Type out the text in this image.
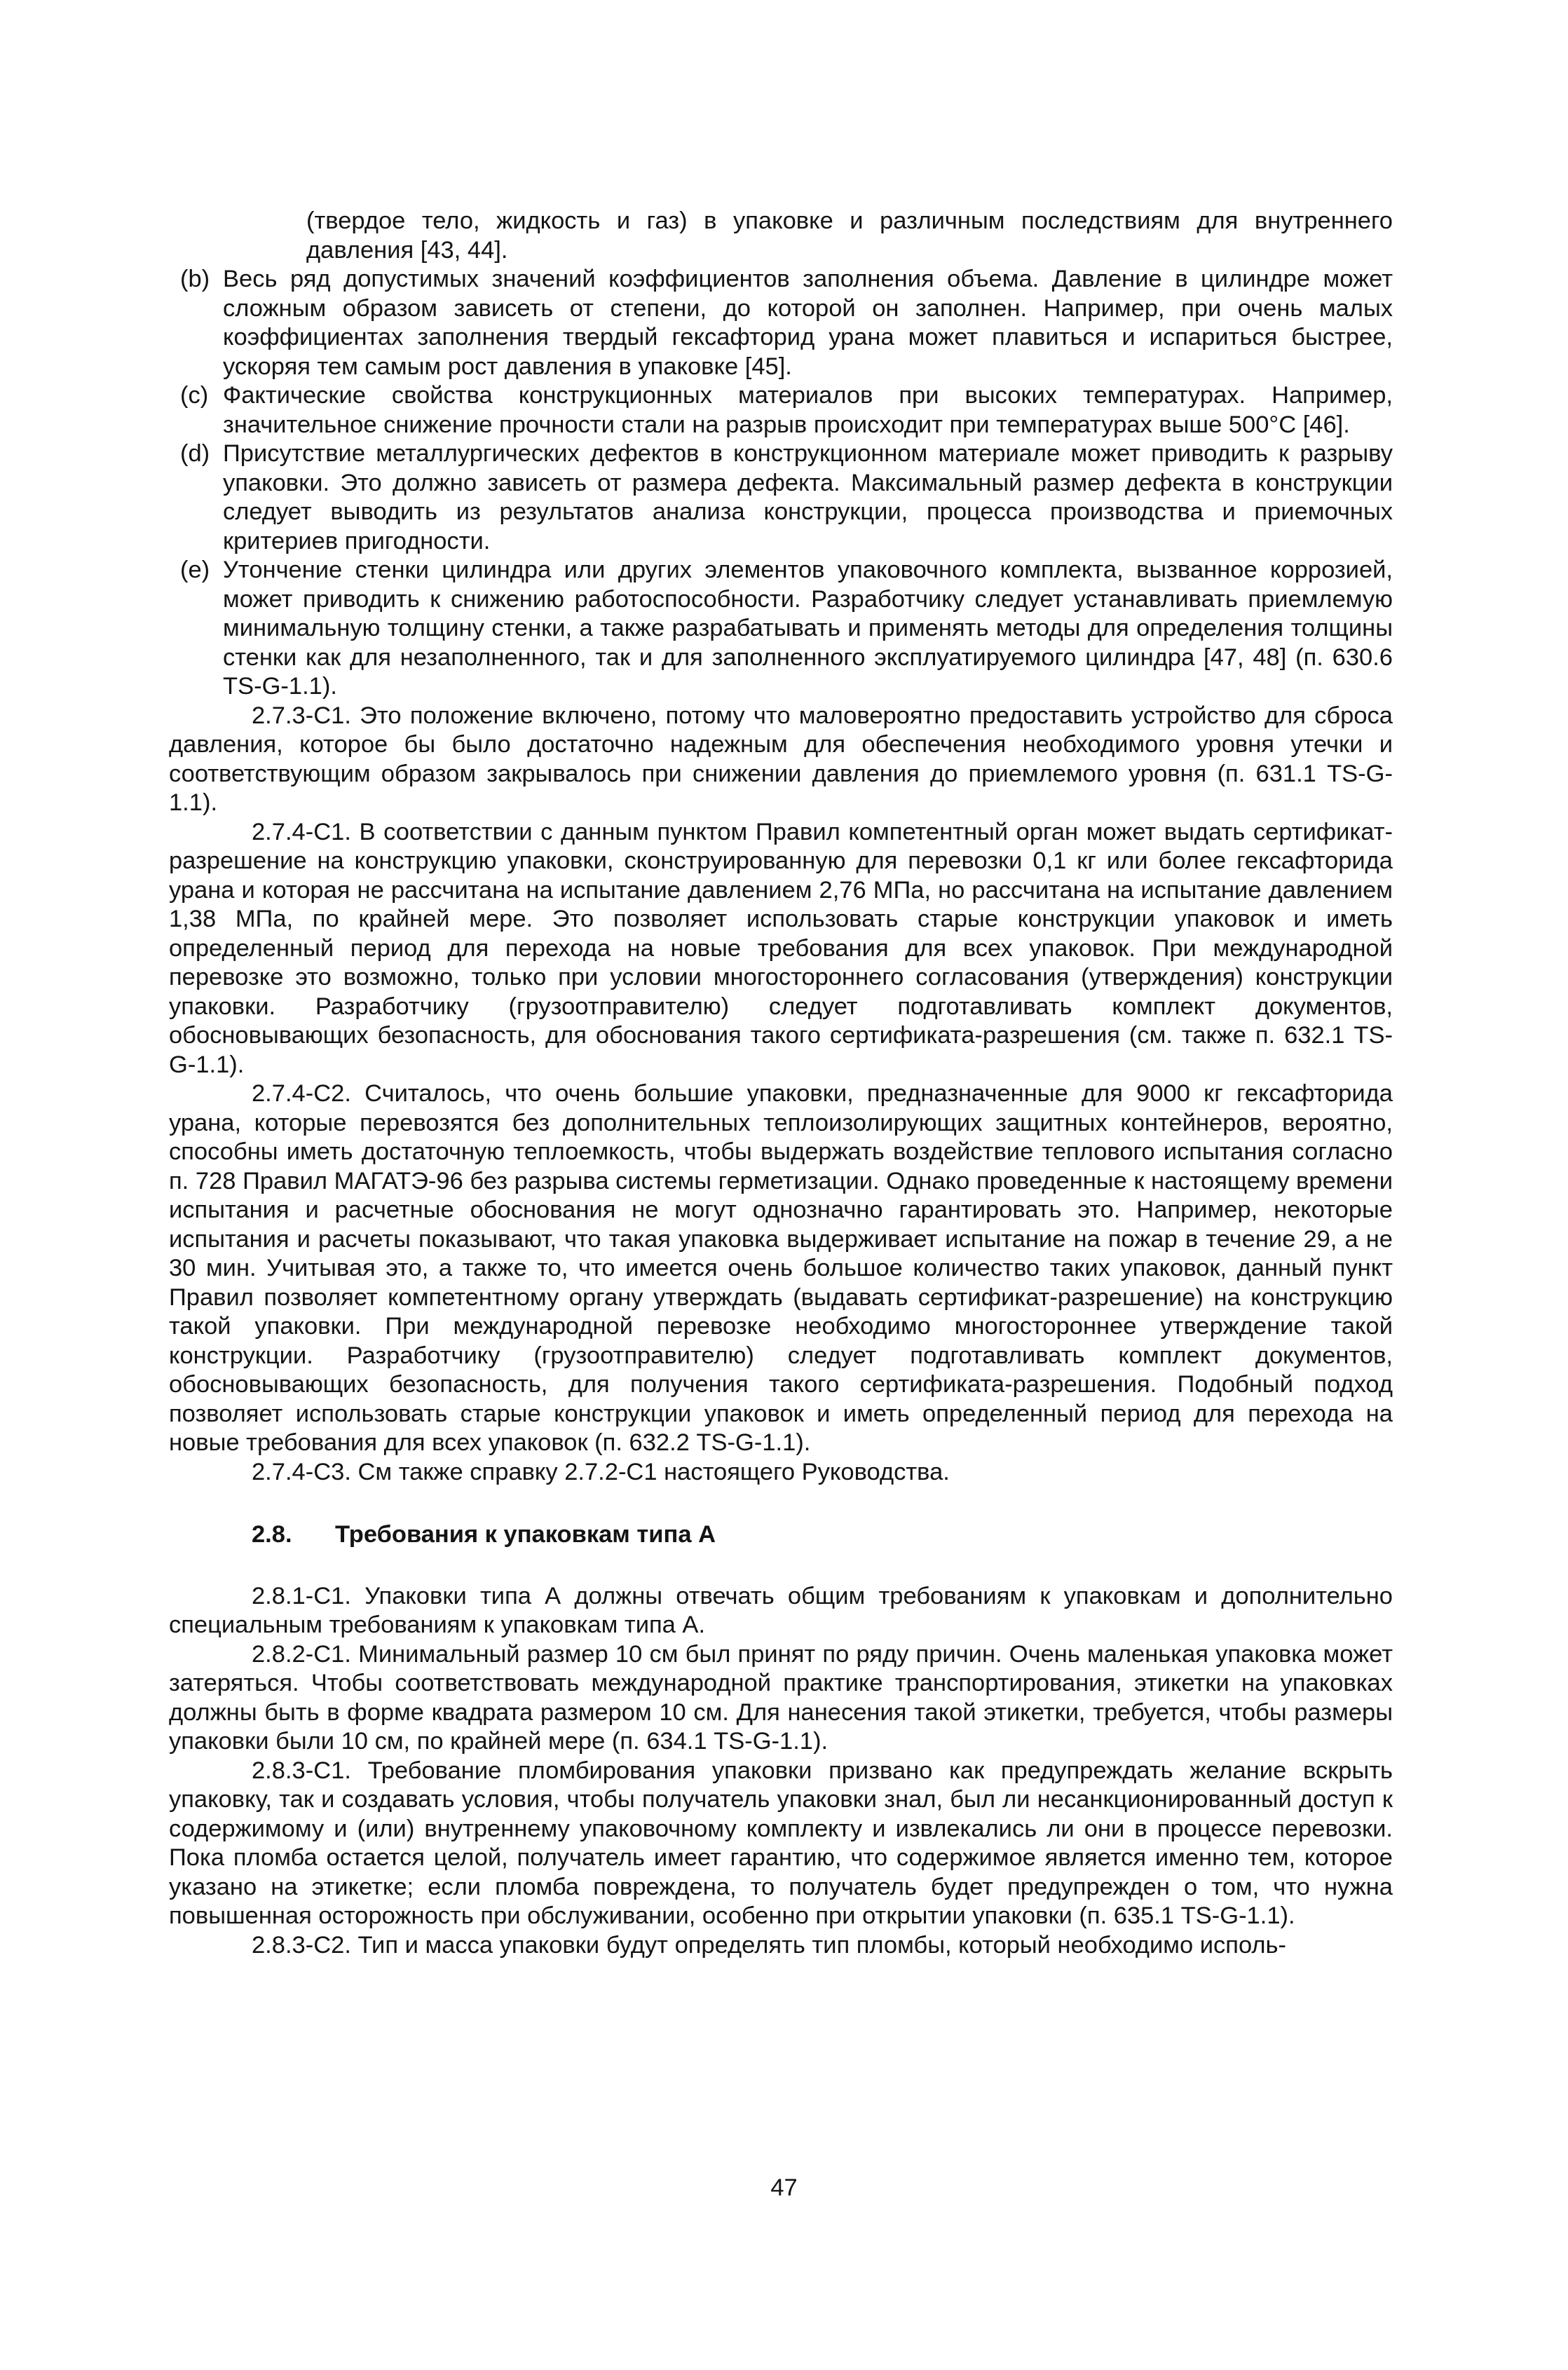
(твердое тело, жидкость и газ) в упаковке и различным последствиям для внутреннего давления [43, 44].
(b) Весь ряд допустимых значений коэффициентов заполнения объема. Давление в цилиндре может сложным образом зависеть от степени, до которой он заполнен. Например, при очень малых коэффициентах заполнения твердый гексафторид урана может плавиться и испариться быстрее, ускоряя тем самым рост давления в упаковке [45].
(c) Фактические свойства конструкционных материалов при высоких температурах. Например, значительное снижение прочности стали на разрыв происходит при температурах выше 500°C [46].
(d) Присутствие металлургических дефектов в конструкционном материале может приводить к разрыву упаковки. Это должно зависеть от размера дефекта. Максимальный размер дефекта в конструкции следует выводить из результатов анализа конструкции, процесса производства и приемочных критериев пригодности.
(e) Утончение стенки цилиндра или других элементов упаковочного комплекта, вызванное коррозией, может приводить к снижению работоспособности. Разработчику следует устанавливать приемлемую минимальную толщину стенки, а также разрабатывать и применять методы для определения толщины стенки как для незаполненного, так и для заполненного эксплуатируемого цилиндра [47, 48] (п. 630.6 TS-G-1.1).

2.7.3-C1. Это положение включено, потому что маловероятно предоставить устройство для сброса давления, которое бы было достаточно надежным для обеспечения необходимого уровня утечки и соответствующим образом закрывалось при снижении давления до приемлемого уровня (п. 631.1 TS-G-1.1).

2.7.4-C1. В соответствии с данным пунктом Правил компетентный орган может выдать сертификат-разрешение на конструкцию упаковки, сконструированную для перевозки 0,1 кг или более гексафторида урана и которая не рассчитана на испытание давлением 2,76 МПа, но рассчитана на испытание давлением 1,38 МПа, по крайней мере. Это позволяет использовать старые конструкции упаковок и иметь определенный период для перехода на новые требования для всех упаковок. При международной перевозке это возможно, только при условии многостороннего согласования (утверждения) конструкции упаковки. Разработчику (грузоотправителю) следует подготавливать комплект документов, обосновывающих безопасность, для обоснования такого сертификата-разрешения (см. также п. 632.1 TS-G-1.1).

2.7.4-C2. Считалось, что очень большие упаковки, предназначенные для 9000 кг гексафторида урана, которые перевозятся без дополнительных теплоизолирующих защитных контейнеров, вероятно, способны иметь достаточную теплоемкость, чтобы выдержать воздействие теплового испытания согласно п. 728 Правил МАГАТЭ-96 без разрыва системы герметизации. Однако проведенные к настоящему времени испытания и расчетные обоснования не могут однозначно гарантировать это. Например, некоторые испытания и расчеты показывают, что такая упаковка выдерживает испытание на пожар в течение 29, а не 30 мин. Учитывая это, а также то, что имеется очень большое количество таких упаковок, данный пункт Правил позволяет компетентному органу утверждать (выдавать сертификат-разрешение) на конструкцию такой упаковки. При международной перевозке необходимо многостороннее утверждение такой конструкции. Разработчику (грузоотправителю) следует подготавливать комплект документов, обосновывающих безопасность, для получения такого сертификата-разрешения. Подобный подход позволяет использовать старые конструкции упаковок и иметь определенный период для перехода на новые требования для всех упаковок (п. 632.2 TS-G-1.1).

2.7.4-C3. См также справку 2.7.2-C1 настоящего Руководства.

2.8.	Требования к упаковкам типа А

2.8.1-C1. Упаковки типа А должны отвечать общим требованиям к упаковкам и дополнительно специальным требованиям к упаковкам типа А.

2.8.2-C1. Минимальный размер 10 см был принят по ряду причин. Очень маленькая упаковка может затеряться. Чтобы соответствовать международной практике транспортирования, этикетки на упаковках должны быть в форме квадрата размером 10 см. Для нанесения такой этикетки, требуется, чтобы размеры упаковки были 10 см, по крайней мере (п. 634.1 TS-G-1.1).

2.8.3-C1. Требование пломбирования упаковки призвано как предупреждать желание вскрыть упаковку, так и создавать условия, чтобы получатель упаковки знал, был ли несанкционированный доступ к содержимому и (или) внутреннему упаковочному комплекту и извлекались ли они в процессе перевозки. Пока пломба остается целой, получатель имеет гарантию, что содержимое является именно тем, которое указано на этикетке; если пломба повреждена, то получатель будет предупрежден о том, что нужна повышенная осторожность при обслуживании, особенно при открытии упаковки (п. 635.1 TS-G-1.1).

2.8.3-C2. Тип и масса упаковки будут определять тип пломбы, который необходимо исполь-

47
